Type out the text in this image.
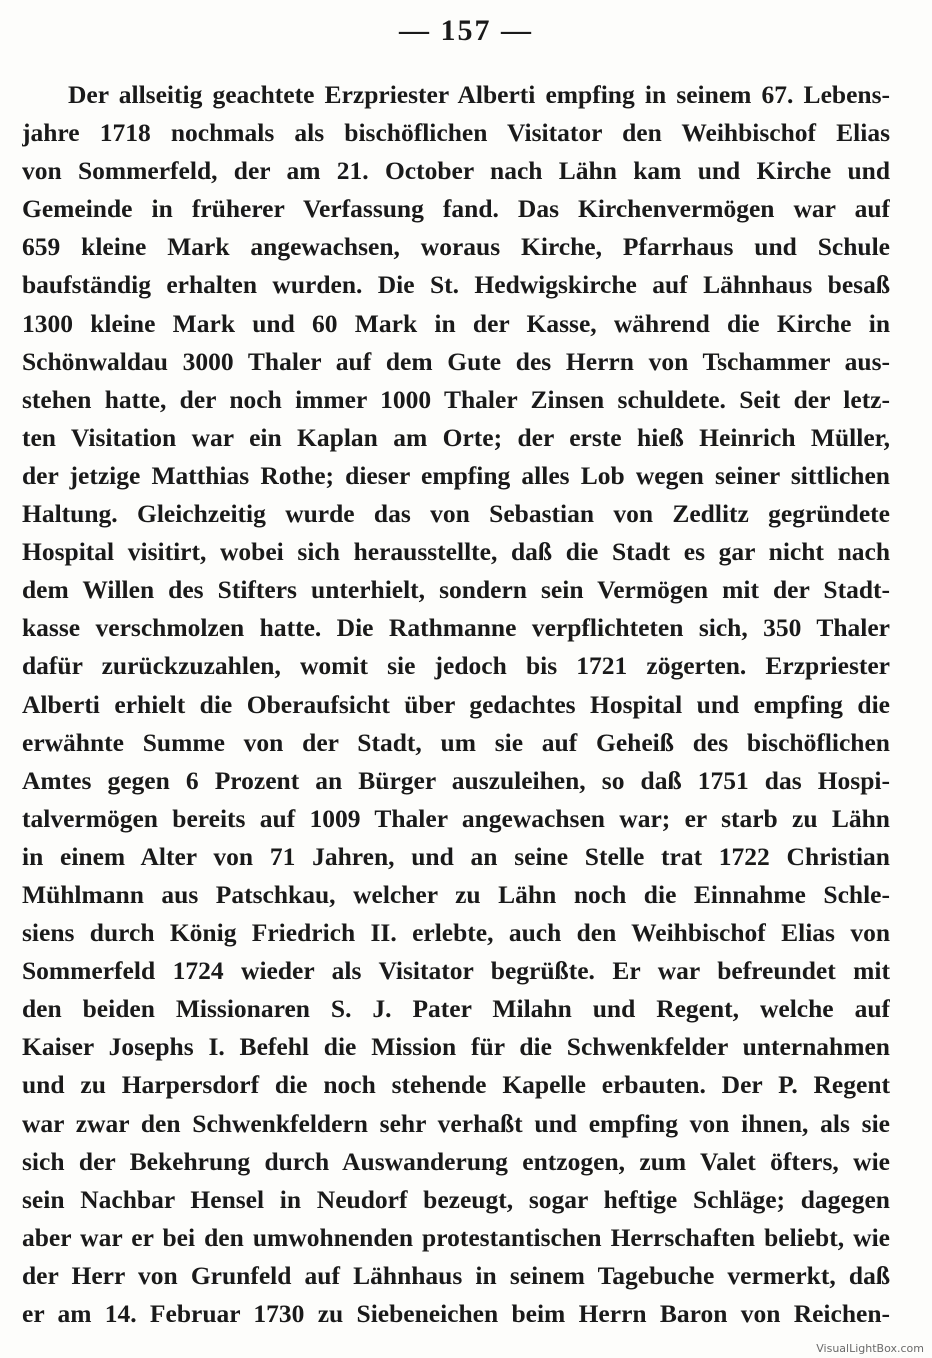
— 157 —
Der allseitig geachtete Erzpriester Alberti empfing in seinem 67. Lebens-
jahre 1718 nochmals als bischöflichen Visitator den Weihbischof Elias
von Sommerfeld, der am 21. October nach Lähn kam und Kirche und
Gemeinde in früherer Verfassung fand. Das Kirchenvermögen war auf
659 kleine Mark angewachsen, woraus Kirche, Pfarrhaus und Schule
baufständig erhalten wurden. Die St. Hedwigskirche auf Lähnhaus besaß
1300 kleine Mark und 60 Mark in der Kasse, während die Kirche in
Schönwaldau 3000 Thaler auf dem Gute des Herrn von Tschammer aus-
stehen hatte, der noch immer 1000 Thaler Zinsen schuldete. Seit der letz-
ten Visitation war ein Kaplan am Orte; der erste hieß Heinrich Müller,
der jetzige Matthias Rothe; dieser empfing alles Lob wegen seiner sittlichen
Haltung. Gleichzeitig wurde das von Sebastian von Zedlitz gegründete
Hospital visitirt, wobei sich herausstellte, daß die Stadt es gar nicht nach
dem Willen des Stifters unterhielt, sondern sein Vermögen mit der Stadt-
kasse verschmolzen hatte. Die Rathmanne verpflichteten sich, 350 Thaler
dafür zurückzuzahlen, womit sie jedoch bis 1721 zögerten. Erzpriester
Alberti erhielt die Oberaufsicht über gedachtes Hospital und empfing die
erwähnte Summe von der Stadt, um sie auf Geheiß des bischöflichen
Amtes gegen 6 Prozent an Bürger auszuleihen, so daß 1751 das Hospi-
talvermögen bereits auf 1009 Thaler angewachsen war; er starb zu Lähn
in einem Alter von 71 Jahren, und an seine Stelle trat 1722 Christian
Mühlmann aus Patschkau, welcher zu Lähn noch die Einnahme Schle-
siens durch König Friedrich II. erlebte, auch den Weihbischof Elias von
Sommerfeld 1724 wieder als Visitator begrüßte. Er war befreundet mit
den beiden Missionaren S. J. Pater Milahn und Regent, welche auf
Kaiser Josephs I. Befehl die Mission für die Schwenkfelder unternahmen
und zu Harpersdorf die noch stehende Kapelle erbauten. Der P. Regent
war zwar den Schwenkfeldern sehr verhaßt und empfing von ihnen, als sie
sich der Bekehrung durch Auswanderung entzogen, zum Valet öfters, wie
sein Nachbar Hensel in Neudorf bezeugt, sogar heftige Schläge; dagegen
aber war er bei den umwohnenden protestantischen Herrschaften beliebt, wie
der Herr von Grunfeld auf Lähnhaus in seinem Tagebuche vermerkt, daß
er am 14. Februar 1730 zu Siebeneichen beim Herrn Baron von Reichen-
VisualLightBox.com
